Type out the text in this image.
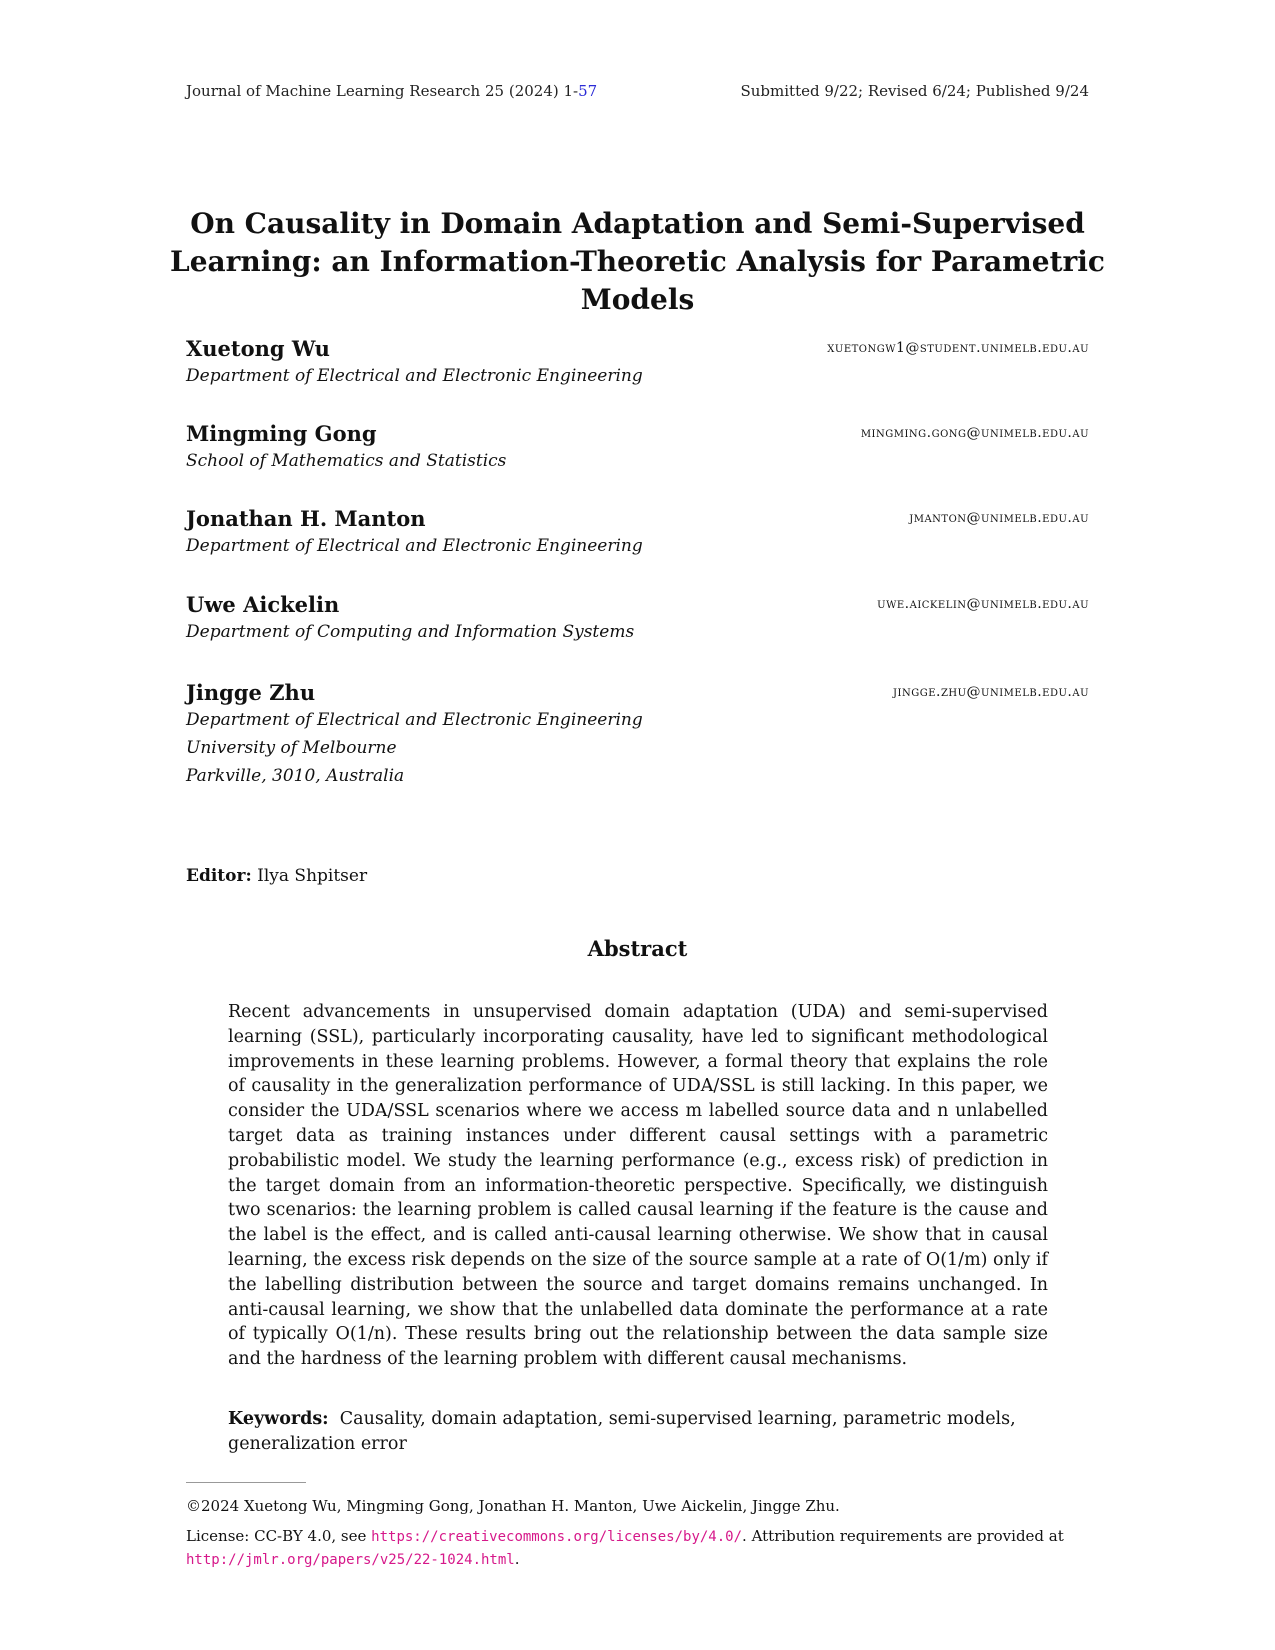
Journal of Machine Learning Research 25 (2024) 1-57	Submitted 9/22; Revised 6/24; Published 9/24
On Causality in Domain Adaptation and Semi-Supervised Learning: an Information-Theoretic Analysis for Parametric Models
Xuetong Wu	xuetongw1@student.unimelb.edu.au
Department of Electrical and Electronic Engineering
Mingming Gong	mingming.gong@unimelb.edu.au
School of Mathematics and Statistics
Jonathan H. Manton	jmanton@unimelb.edu.au
Department of Electrical and Electronic Engineering
Uwe Aickelin	uwe.aickelin@unimelb.edu.au
Department of Computing and Information Systems
Jingge Zhu	jingge.zhu@unimelb.edu.au
Department of Electrical and Electronic Engineering
University of Melbourne
Parkville, 3010, Australia
Editor: Ilya Shpitser
Abstract
Recent advancements in unsupervised domain adaptation (UDA) and semi-supervised learning (SSL), particularly incorporating causality, have led to significant methodological improvements in these learning problems. However, a formal theory that explains the role of causality in the generalization performance of UDA/SSL is still lacking. In this paper, we consider the UDA/SSL scenarios where we access m labelled source data and n unlabelled target data as training instances under different causal settings with a parametric probabilistic model. We study the learning performance (e.g., excess risk) of prediction in the target domain from an information-theoretic perspective. Specifically, we distinguish two scenarios: the learning problem is called causal learning if the feature is the cause and the label is the effect, and is called anti-causal learning otherwise. We show that in causal learning, the excess risk depends on the size of the source sample at a rate of O(1/m) only if the labelling distribution between the source and target domains remains unchanged. In anti-causal learning, we show that the unlabelled data dominate the performance at a rate of typically O(1/n). These results bring out the relationship between the data sample size and the hardness of the learning problem with different causal mechanisms.
Keywords: Causality, domain adaptation, semi-supervised learning, parametric models, generalization error
©2024 Xuetong Wu, Mingming Gong, Jonathan H. Manton, Uwe Aickelin, Jingge Zhu.
License: CC-BY 4.0, see https://creativecommons.org/licenses/by/4.0/. Attribution requirements are provided at http://jmlr.org/papers/v25/22-1024.html.
